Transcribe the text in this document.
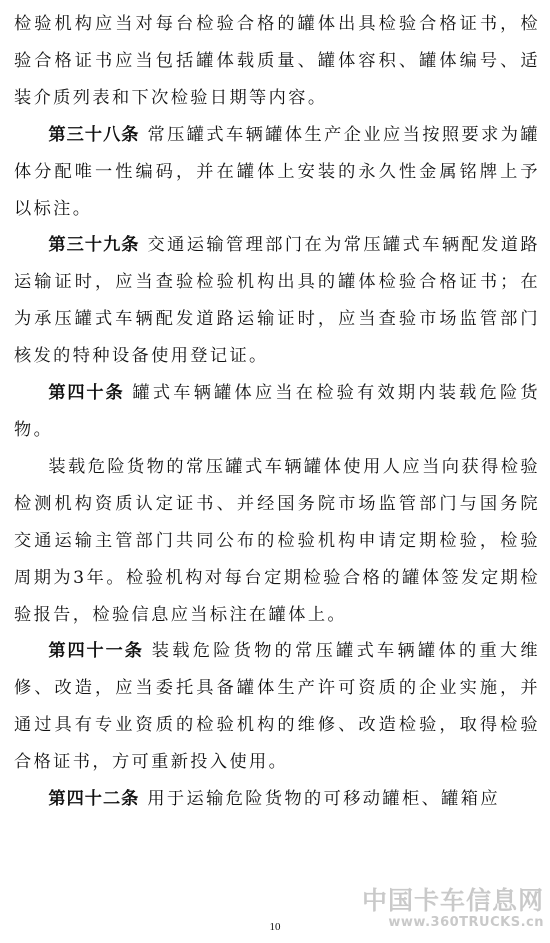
检验机构应当对每台检验合格的罐体出具检验合格证书，检验合格证书应当包括罐体载质量、罐体容积、罐体编号、适装介质列表和下次检验日期等内容。

第三十八条 常压罐式车辆罐体生产企业应当按照要求为罐体分配唯一性编码，并在罐体上安装的永久性金属铭牌上予以标注。

第三十九条 交通运输管理部门在为常压罐式车辆配发道路运输证时，应当查验检验机构出具的罐体检验合格证书；在为承压罐式车辆配发道路运输证时，应当查验市场监管部门核发的特种设备使用登记证。

第四十条 罐式车辆罐体应当在检验有效期内装载危险货物。

装载危险货物的常压罐式车辆罐体使用人应当向获得检验检测机构资质认定证书、并经国务院市场监管部门与国务院交通运输主管部门共同公布的检验机构申请定期检验，检验周期为3年。检验机构对每台定期检验合格的罐体签发定期检验报告，检验信息应当标注在罐体上。

第四十一条 装载危险货物的常压罐式车辆罐体的重大维修、改造，应当委托具备罐体生产许可资质的企业实施，并通过具有专业资质的检验机构的维修、改造检验，取得检验合格证书，方可重新投入使用。

第四十二条 用于运输危险货物的可移动罐柜、罐箱应

10
中国卡车信息网
www.360TRUCKS.cn
